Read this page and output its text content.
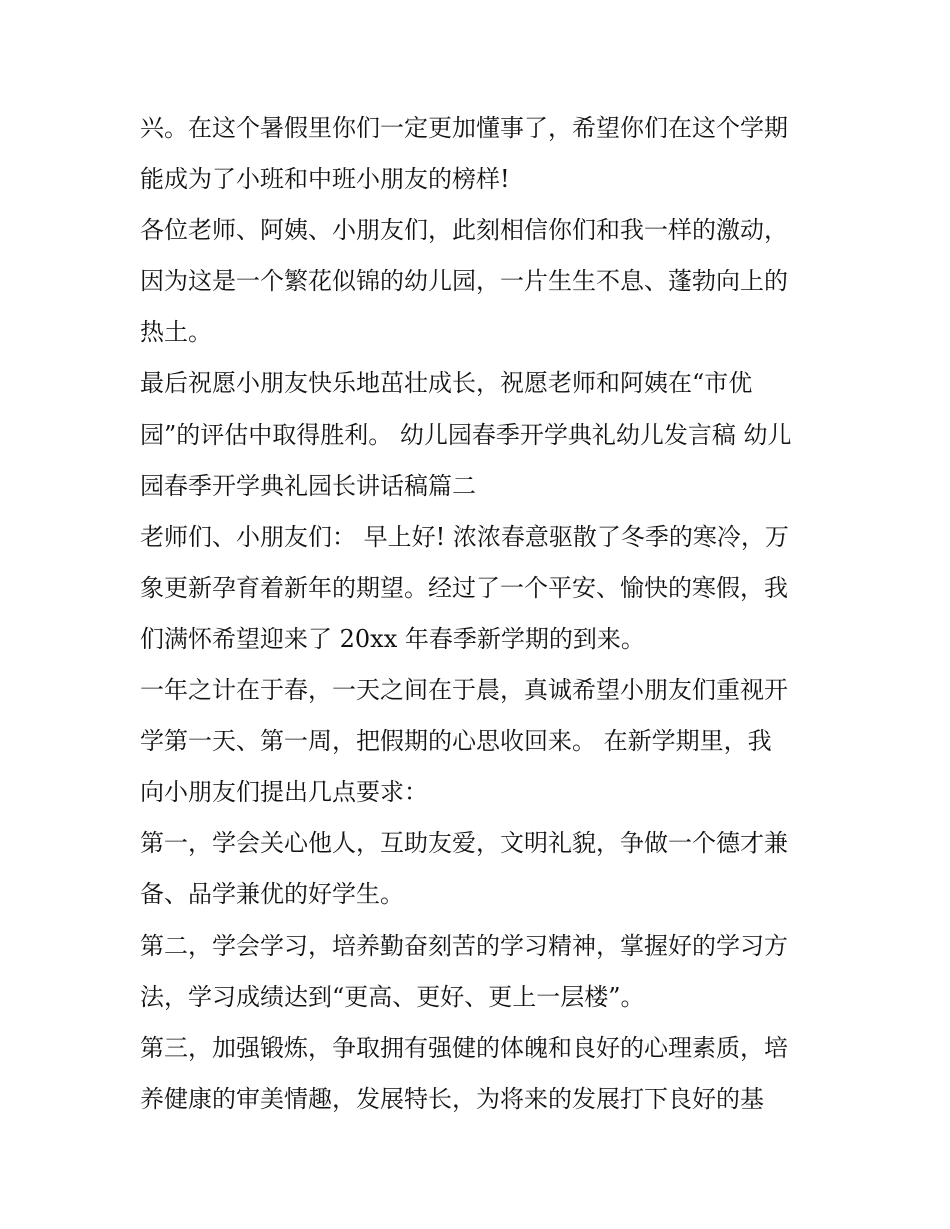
兴。在这个暑假里你们一定更加懂事了，希望你们在这个学期
能成为了小班和中班小朋友的榜样!
各位老师、阿姨、小朋友们，此刻相信你们和我一样的激动，
因为这是一个繁花似锦的幼儿园，一片生生不息、蓬勃向上的
热土。
最后祝愿小朋友快乐地茁壮成长，祝愿老师和阿姨在“市优
园”的评估中取得胜利。 幼儿园春季开学典礼幼儿发言稿 幼儿
园春季开学典礼园长讲话稿篇二
老师们、小朋友们： 早上好! 浓浓春意驱散了冬季的寒冷，万
象更新孕育着新年的期望。经过了一个平安、愉快的寒假，我
们满怀希望迎来了 20xx 年春季新学期的到来。
一年之计在于春，一天之间在于晨，真诚希望小朋友们重视开
学第一天、第一周，把假期的心思收回来。 在新学期里，我
向小朋友们提出几点要求：
第一，学会关心他人，互助友爱，文明礼貌，争做一个德才兼
备、品学兼优的好学生。
第二，学会学习，培养勤奋刻苦的学习精神，掌握好的学习方
法，学习成绩达到“更高、更好、更上一层楼”。
第三，加强锻炼，争取拥有强健的体魄和良好的心理素质，培
养健康的审美情趣，发展特长，为将来的发展打下良好的基
